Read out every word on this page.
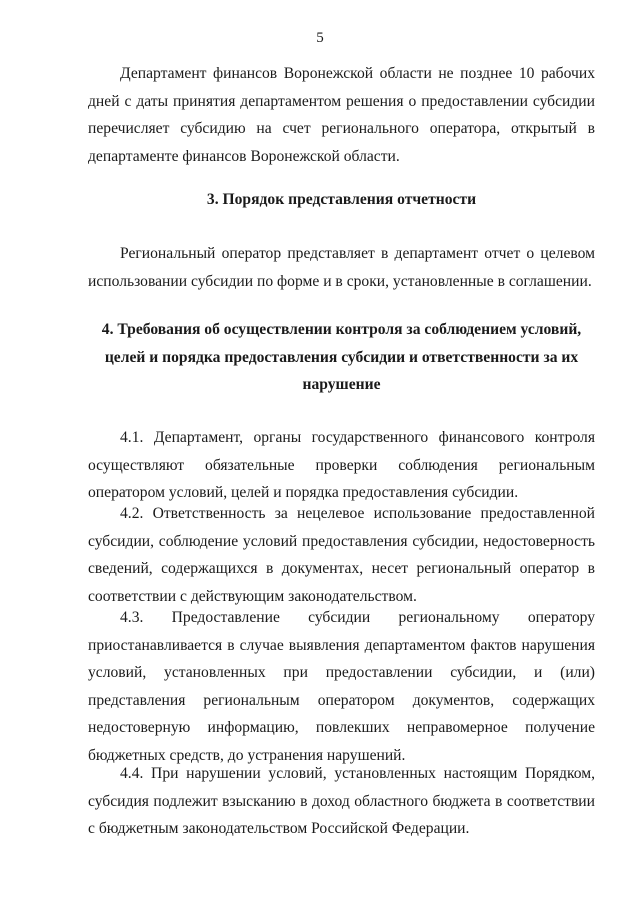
5

Департамент финансов Воронежской области не позднее 10 рабочих дней с даты принятия департаментом решения о предоставлении субсидии перечисляет субсидию на счет регионального оператора, открытый в департаменте финансов Воронежской области.

3. Порядок представления отчетности

Региональный оператор представляет в департамент отчет о целевом использовании субсидии по форме и в сроки, установленные в соглашении.

4. Требования об осуществлении контроля за соблюдением условий, целей и порядка предоставления субсидии и ответственности за их нарушение

4.1. Департамент, органы государственного финансового контроля осуществляют обязательные проверки соблюдения региональным оператором условий, целей и порядка предоставления субсидии.

4.2. Ответственность за нецелевое использование предоставленной субсидии, соблюдение условий предоставления субсидии, недостоверность сведений, содержащихся в документах, несет региональный оператор в соответствии с действующим законодательством.

4.3. Предоставление субсидии региональному оператору приостанавливается в случае выявления департаментом фактов нарушения условий, установленных при предоставлении субсидии, и (или) представления региональным оператором документов, содержащих недостоверную информацию, повлекших неправомерное получение бюджетных средств, до устранения нарушений.

4.4. При нарушении условий, установленных настоящим Порядком, субсидия подлежит взысканию в доход областного бюджета в соответствии с бюджетным законодательством Российской Федерации.
